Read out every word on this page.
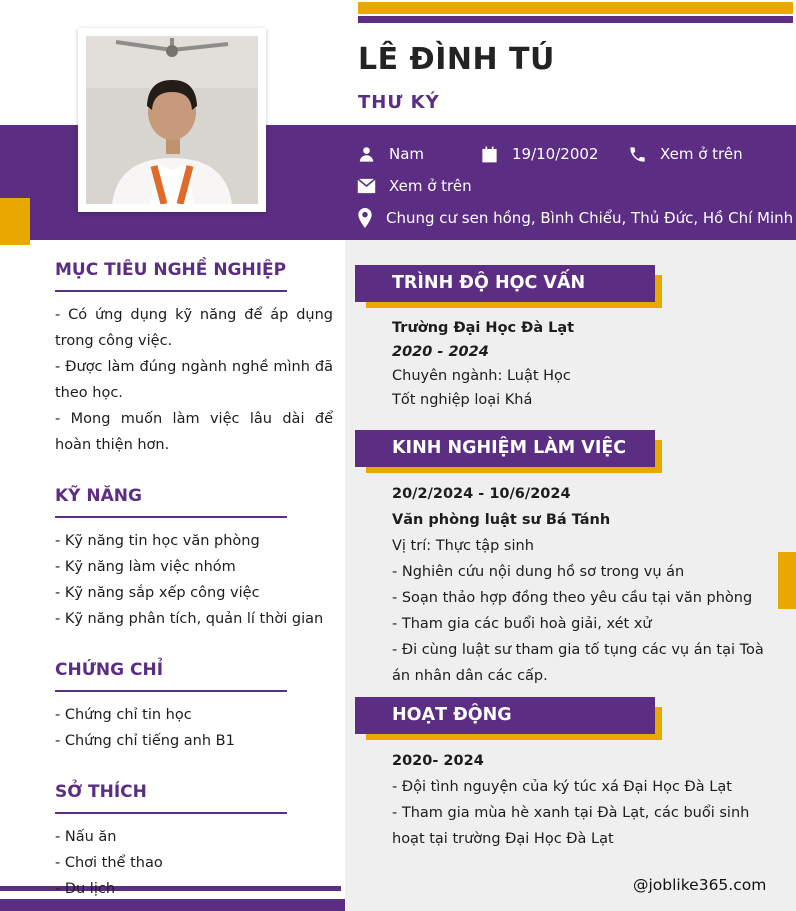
LÊ ĐÌNH TÚ
THƯ KÝ
Nam	19/10/2002	Xem ở trên
Xem ở trên
Chung cư sen hồng, Bình Chiểu, Thủ Đức, Hồ Chí Minh
MỤC TIÊU NGHỀ NGHIỆP

- Có ứng dụng kỹ năng để áp dụng trong công việc.

- Được làm đúng ngành nghề mình đã theo học.

- Mong muốn làm việc lâu dài để hoàn thiện hơn.

KỸ NĂNG

- Kỹ năng tin học văn phòng

- Kỹ năng làm việc nhóm

- Kỹ năng sắp xếp công việc

- Kỹ năng phân tích, quản lí thời gian

CHỨNG CHỈ

- Chứng chỉ tin học

- Chứng chỉ tiếng anh B1

SỞ THÍCH

- Nấu ăn

- Chơi thể thao

- Du lịch

TRÌNH ĐỘ HỌC VẤN

Trường Đại Học Đà Lạt

2020 - 2024

Chuyên ngành: Luật Học

Tốt nghiệp loại Khá

KINH NGHIỆM LÀM VIỆC

20/2/2024 - 10/6/2024

Văn phòng luật sư Bá Tánh

Vị trí: Thực tập sinh

- Nghiên cứu nội dung hồ sơ trong vụ án

- Soạn thảo hợp đồng theo yêu cầu tại văn phòng

- Tham gia các buổi hoà giải, xét xử

- Đi cùng luật sư tham gia tố tụng các vụ án tại Toà án nhân dân các cấp.

HOẠT ĐỘNG

2020- 2024

- Đội tình nguyện của ký túc xá Đại Học Đà Lạt

- Tham gia mùa hè xanh tại Đà Lạt, các buổi sinh hoạt tại trường Đại Học Đà Lạt

@joblike365.com
